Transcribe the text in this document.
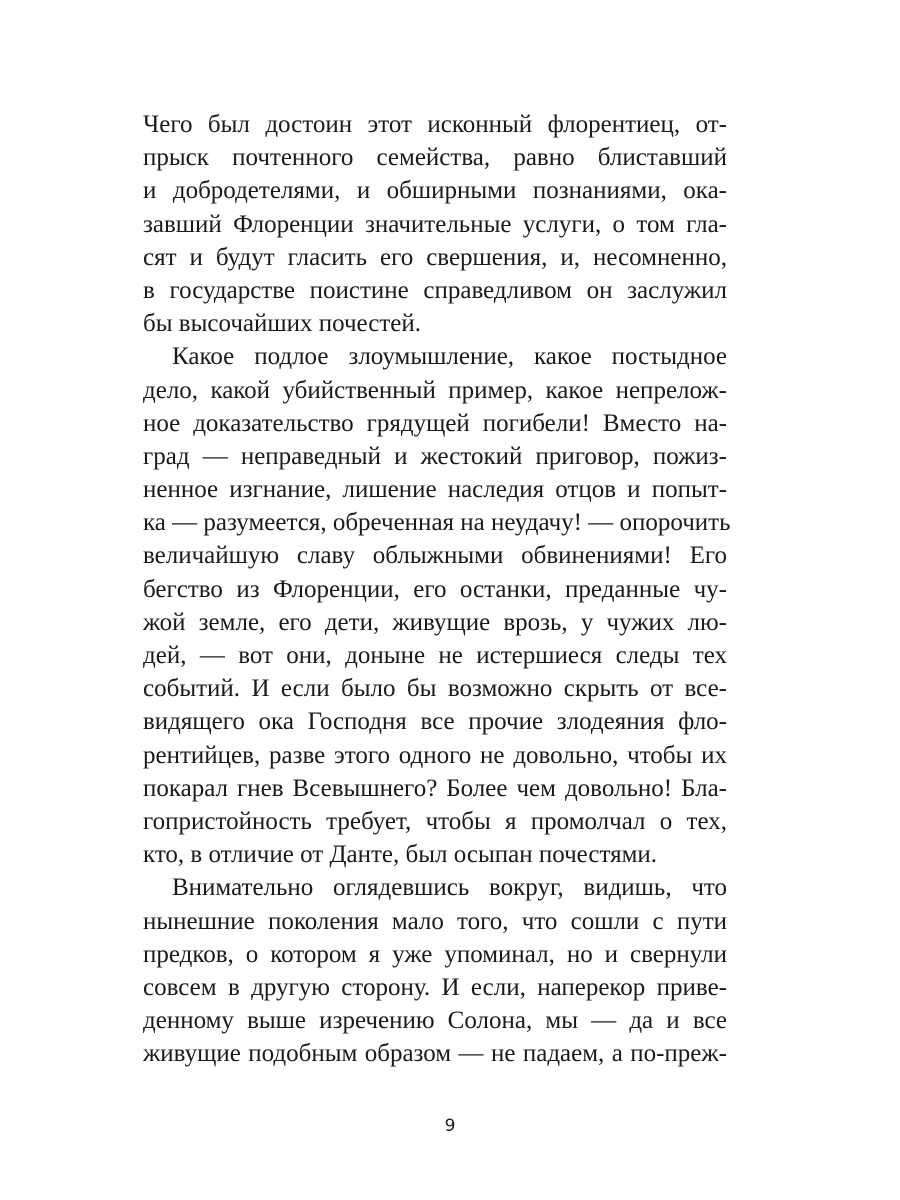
Чего был достоин этот исконный флорентиец, от-
прыск почтенного семейства, равно блиставший
и добродетелями, и обширными познаниями, ока-
завший Флоренции значительные услуги, о том гла-
сят и будут гласить его свершения, и, несомненно,
в государстве поистине справедливом он заслужил
бы высочайших почестей.
Какое подлое злоумышление, какое постыдное
дело, какой убийственный пример, какое непрелож-
ное доказательство грядущей погибели! Вместо на-
град — неправедный и жестокий приговор, пожиз-
ненное изгнание, лишение наследия отцов и попыт-
ка — разумеется, обреченная на неудачу! — опорочить
величайшую славу облыжными обвинениями! Его
бегство из Флоренции, его останки, преданные чу-
жой земле, его дети, живущие врозь, у чужих лю-
дей, — вот они, доныне не истершиеся следы тех
событий. И если было бы возможно скрыть от все-
видящего ока Господня все прочие злодеяния фло-
рентийцев, разве этого одного не довольно, чтобы их
покарал гнев Всевышнего? Более чем довольно! Бла-
гопристойность требует, чтобы я промолчал о тех,
кто, в отличие от Данте, был осыпан почестями.
Внимательно оглядевшись вокруг, видишь, что
нынешние поколения мало того, что сошли с пути
предков, о котором я уже упоминал, но и свернули
совсем в другую сторону. И если, наперекор приве-
денному выше изречению Солона, мы — да и все
живущие подобным образом — не падаем, а по-преж-
9
